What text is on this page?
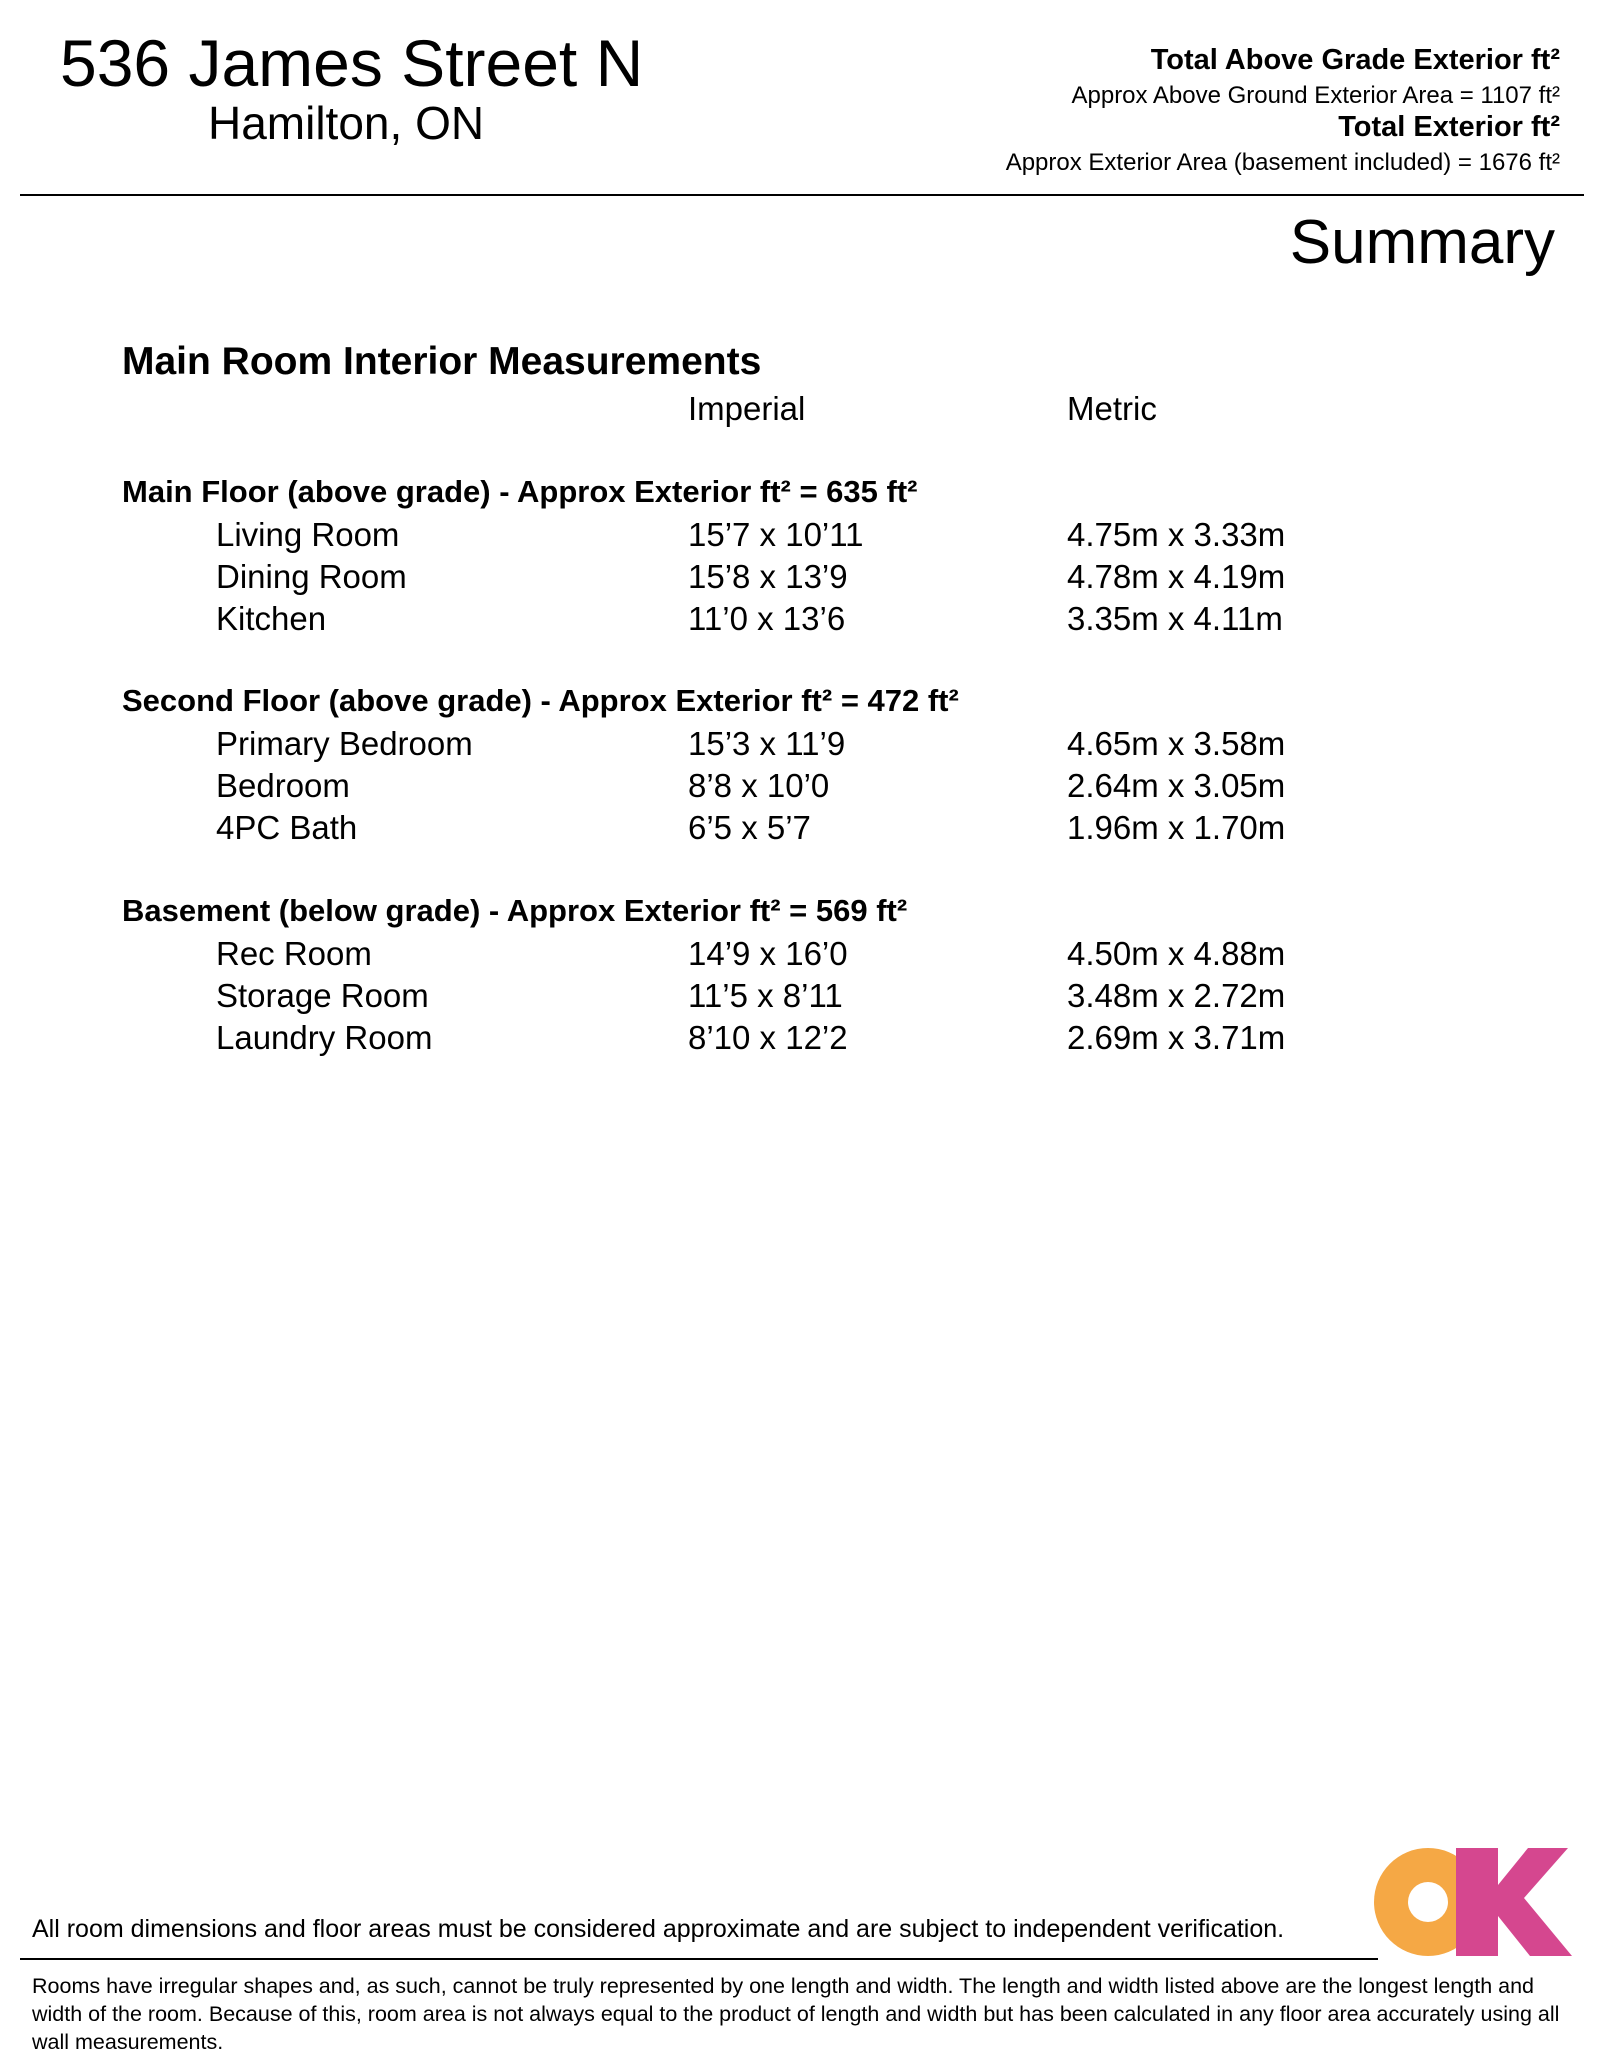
536 James Street N
Hamilton, ON
Total Above Grade Exterior ft²
Approx Above Ground Exterior Area = 1107 ft²
Total Exterior ft²
Approx Exterior Area (basement included) = 1676 ft²
Summary
Main Room Interior Measurements
Imperial	Metric
Main Floor (above grade) - Approx Exterior ft² = 635 ft²
Living Room	15’7 x 10’11	4.75m x 3.33m
Dining Room	15’8 x 13’9	4.78m x 4.19m
Kitchen	11’0 x 13’6	3.35m x 4.11m
Second Floor (above grade) - Approx Exterior ft² = 472 ft²
Primary Bedroom	15’3 x 11’9	4.65m x 3.58m
Bedroom	8’8 x 10’0	2.64m x 3.05m
4PC Bath	6’5 x 5’7	1.96m x 1.70m
Basement (below grade) - Approx Exterior ft² = 569 ft²
Rec Room	14’9 x 16’0	4.50m x 4.88m
Storage Room	11’5 x 8’11	3.48m x 2.72m
Laundry Room	8’10 x 12’2	2.69m x 3.71m
All room dimensions and floor areas must be considered approximate and are subject to independent verification.
Rooms have irregular shapes and, as such, cannot be truly represented by one length and width. The length and width listed above are the longest length and width of the room. Because of this, room area is not always equal to the product of length and width but has been calculated in any floor area accurately using all wall measurements.
